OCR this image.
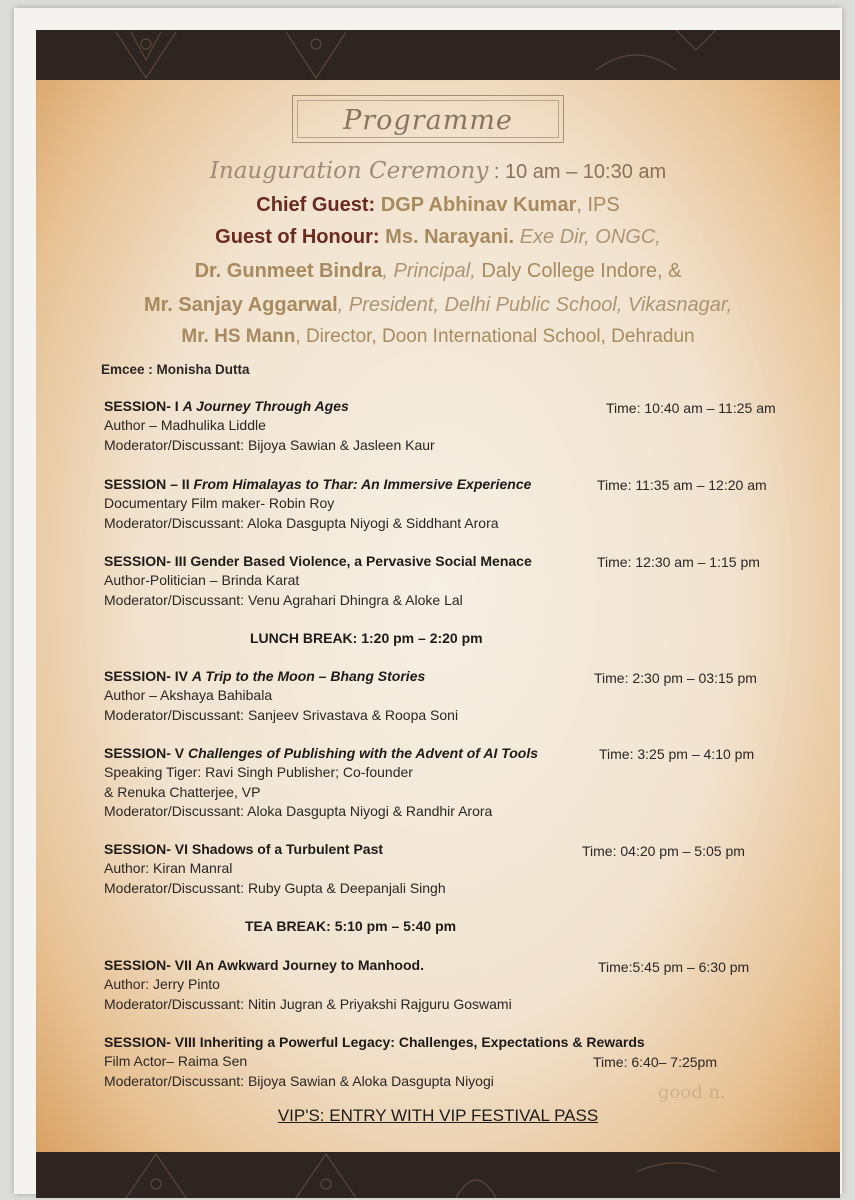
Programme
Inauguration Ceremony : 10 am – 10:30 am
Chief Guest: DGP Abhinav Kumar, IPS
Guest of Honour: Ms. Narayani. Exe Dir, ONGC,
Dr. Gunmeet Bindra, Principal, Daly College Indore, &
Mr. Sanjay Aggarwal, President, Delhi Public School, Vikasnagar,
Mr. HS Mann, Director, Doon International School, Dehradun
Emcee : Monisha Dutta
SESSION- I A Journey Through Ages	Time: 10:40 am – 11:25 am
Author – Madhulika Liddle
Moderator/Discussant: Bijoya Sawian & Jasleen Kaur
SESSION – II From Himalayas to Thar: An Immersive Experience	Time: 11:35 am – 12:20 am
Documentary Film maker- Robin Roy
Moderator/Discussant: Aloka Dasgupta Niyogi & Siddhant Arora
SESSION- III Gender Based Violence, a Pervasive Social Menace	Time: 12:30 am – 1:15 pm
Author-Politician – Brinda Karat
Moderator/Discussant: Venu Agrahari Dhingra & Aloke Lal
LUNCH BREAK: 1:20 pm – 2:20 pm
SESSION- IV A Trip to the Moon – Bhang Stories	Time: 2:30 pm – 03:15 pm
Author – Akshaya Bahibala
Moderator/Discussant: Sanjeev Srivastava & Roopa Soni
SESSION- V Challenges of Publishing with the Advent of AI Tools	Time: 3:25 pm – 4:10 pm
Speaking Tiger: Ravi Singh Publisher; Co-founder
& Renuka Chatterjee, VP
Moderator/Discussant: Aloka Dasgupta Niyogi & Randhir Arora
SESSION- VI Shadows of a Turbulent Past	Time: 04:20 pm – 5:05 pm
Author: Kiran Manral
Moderator/Discussant: Ruby Gupta & Deepanjali Singh
TEA BREAK: 5:10 pm – 5:40 pm
SESSION- VII An Awkward Journey to Manhood.	Time:5:45 pm – 6:30 pm
Author: Jerry Pinto
Moderator/Discussant: Nitin Jugran & Priyakshi Rajguru Goswami
SESSION- VIII Inheriting a Powerful Legacy: Challenges, Expectations & Rewards
Film Actor– Raima Sen	Time: 6:40– 7:25pm
Moderator/Discussant: Bijoya Sawian & Aloka Dasgupta Niyogi
good n.
VIP'S: ENTRY WITH VIP FESTIVAL PASS
